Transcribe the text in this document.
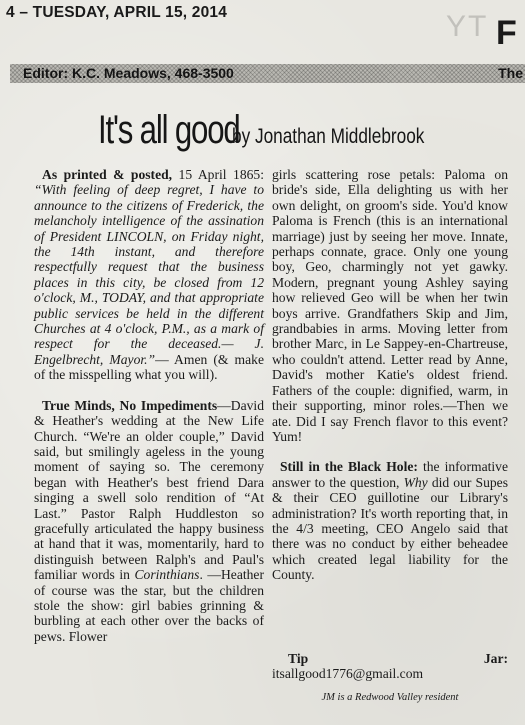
4 – TUESDAY, APRIL 15, 2014	YT F
Editor: K.C. Meadows, 468-3500	The
It's all good by Jonathan Middlebrook

As printed & posted, 15 April 1865: “With feeling of deep regret, I have to announce to the citizens of Frederick, the melancholy intelligence of the assination of President LINCOLN, on Friday night, the 14th instant, and therefore respectfully request that the business places in this city, be closed from 12 o'clock, M., TODAY, and that appropriate public services be held in the different Churches at 4 o'clock, P.M., as a mark of respect for the deceased.— J. Engelbrecht, Mayor.”— Amen (& make of the misspelling what you will).

True Minds, No Impediments—David & Heather's wedding at the New Life Church. “We're an older couple,” David said, but smilingly ageless in the young moment of saying so. The ceremony began with Heather's best friend Dara singing a swell solo rendition of “At Last.” Pastor Ralph Huddleston so gracefully articulated the happy business at hand that it was, momentarily, hard to distinguish between Ralph's and Paul's familiar words in Corinthians. —Heather of course was the star, but the children stole the show: girl babies grinning & burbling at each other over the backs of pews. Flower

girls scattering rose petals: Paloma on bride's side, Ella delighting us with her own delight, on groom's side. You'd know Paloma is French (this is an international marriage) just by seeing her move. Innate, perhaps connate, grace. Only one young boy, Geo, charmingly not yet gawky. Modern, pregnant young Ashley saying how relieved Geo will be when her twin boys arrive. Grandfathers Skip and Jim, grandbabies in arms. Moving letter from brother Marc, in Le Sappey-en-Chartreuse, who couldn't attend. Letter read by Anne, David's mother Katie's oldest friend. Fathers of the couple: dignified, warm, in their supporting, minor roles.—Then we ate. Did I say French flavor to this event? Yum!

Still in the Black Hole: the informative answer to the question, Why did our Supes & their CEO guillotine our Library's administration? It's worth reporting that, in the 4/3 meeting, CEO Angelo said that there was no conduct by either beheadee which created legal liability for the County.

Tip	Jar:
itsallgood1776@gmail.com
JM is a Redwood Valley resident
